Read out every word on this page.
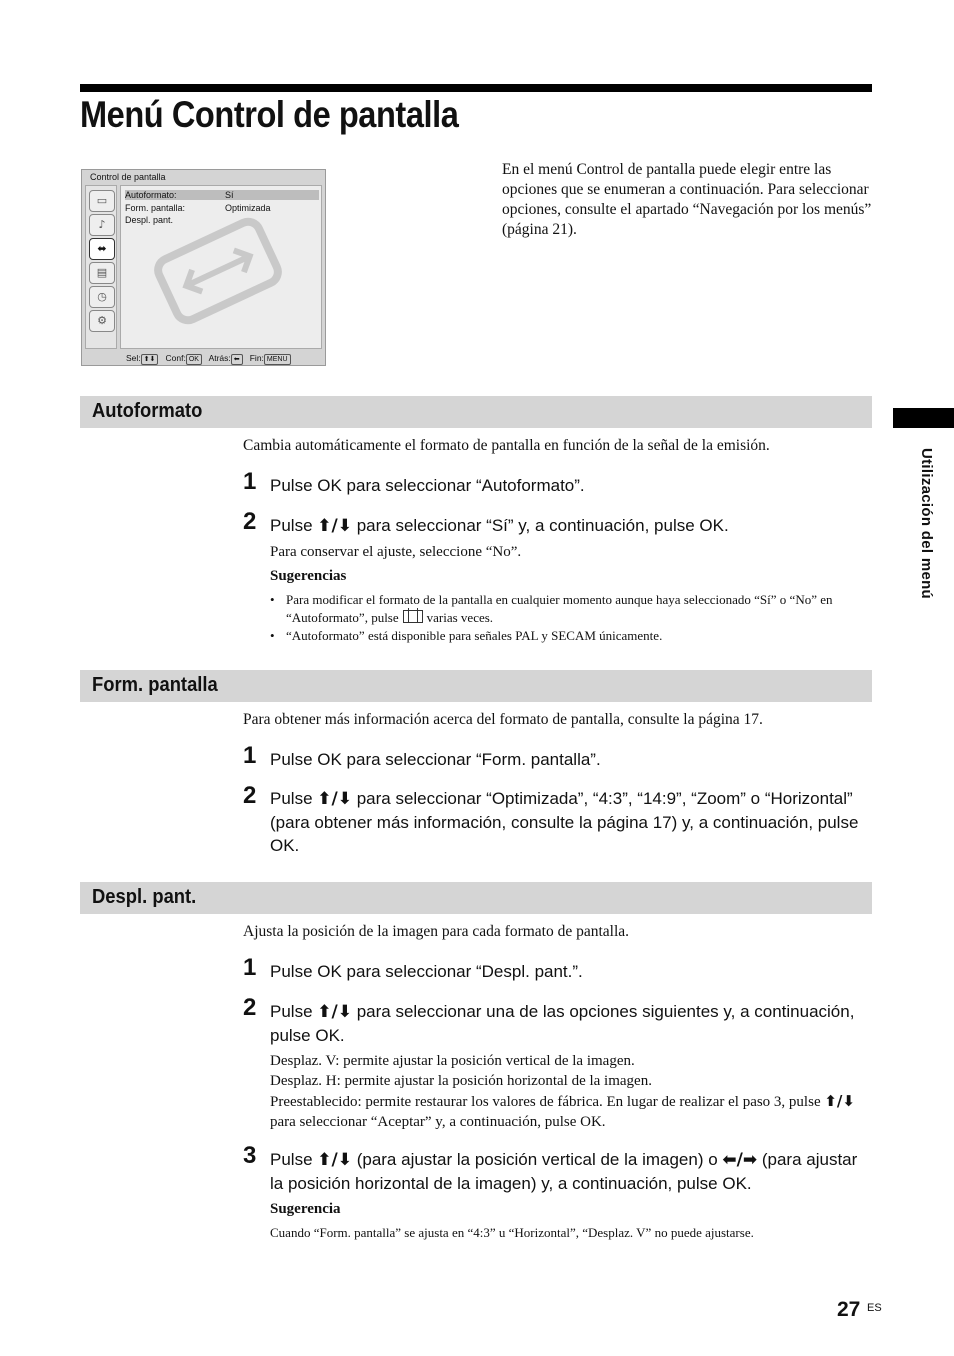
Menú Control de pantalla
Control de pantalla
▭
♪
⬌
▤
◷
⚙
Autoformato:	Sí
Form. pantalla:	Optimizada
Despl. pant.
Sel: ⬆⬇ Conf: OK Atrás: ⬅ Fin: MENU
En el menú Control de pantalla puede elegir entre las opciones que se enumeran a continuación. Para seleccionar opciones, consulte el apartado “Navegación por los menús” (página 21).
Autoformato
Cambia automáticamente el formato de pantalla en función de la señal de la emisión.
1 Pulse OK para seleccionar “Autoformato”.
2 Pulse ⬆/⬇ para seleccionar “Sí” y, a continuación, pulse OK.
Para conservar el ajuste, seleccione “No”.
Sugerencias
• Para modificar el formato de la pantalla en cualquier momento aunque haya seleccionado “Sí” o “No” en “Autoformato”, pulse varias veces.
• “Autoformato” está disponible para señales PAL y SECAM únicamente.
Form. pantalla
Para obtener más información acerca del formato de pantalla, consulte la página 17.
1 Pulse OK para seleccionar “Form. pantalla”.
2 Pulse ⬆/⬇ para seleccionar “Optimizada”, “4:3”, “14:9”, “Zoom” o “Horizontal” (para obtener más información, consulte la página 17) y, a continuación, pulse OK.
Despl. pant.
Ajusta la posición de la imagen para cada formato de pantalla.
1 Pulse OK para seleccionar “Despl. pant.”.
2 Pulse ⬆/⬇ para seleccionar una de las opciones siguientes y, a continuación, pulse OK.
Desplaz. V: permite ajustar la posición vertical de la imagen.
Desplaz. H: permite ajustar la posición horizontal de la imagen.
Preestablecido: permite restaurar los valores de fábrica. En lugar de realizar el paso 3, pulse ⬆/⬇ para seleccionar “Aceptar” y, a continuación, pulse OK.
3 Pulse ⬆/⬇ (para ajustar la posición vertical de la imagen) o ⬅/➡ (para ajustar la posición horizontal de la imagen) y, a continuación, pulse OK.
Sugerencia
Cuando “Form. pantalla” se ajusta en “4:3” u “Horizontal”, “Desplaz. V” no puede ajustarse.
Utilización del menú
27 ES
